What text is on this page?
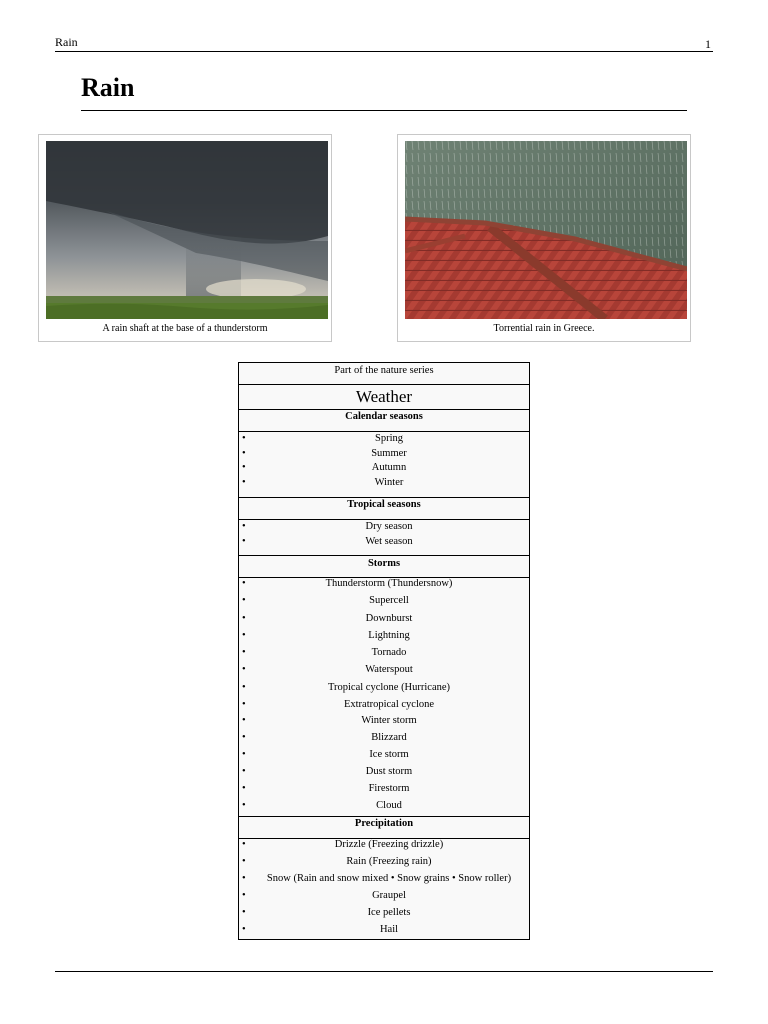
Rain	1
Rain
A rain shaft at the base of a thunderstorm	Torrential rain in Greece.
Part of the nature series
Weather
Calendar seasons
•	Spring
•	Summer
•	Autumn
•	Winter
Tropical seasons
•	Dry season
•	Wet season
Storms
•	Thunderstorm (Thundersnow)
•	Supercell
•	Downburst
•	Lightning
•	Tornado
•	Waterspout
•	Tropical cyclone (Hurricane)
•	Extratropical cyclone
•	Winter storm
•	Blizzard
•	Ice storm
•	Dust storm
•	Firestorm
•	Cloud
Precipitation
•	Drizzle (Freezing drizzle)
•	Rain (Freezing rain)
•	Snow (Rain and snow mixed • Snow grains • Snow roller)
•	Graupel
•	Ice pellets
•	Hail
